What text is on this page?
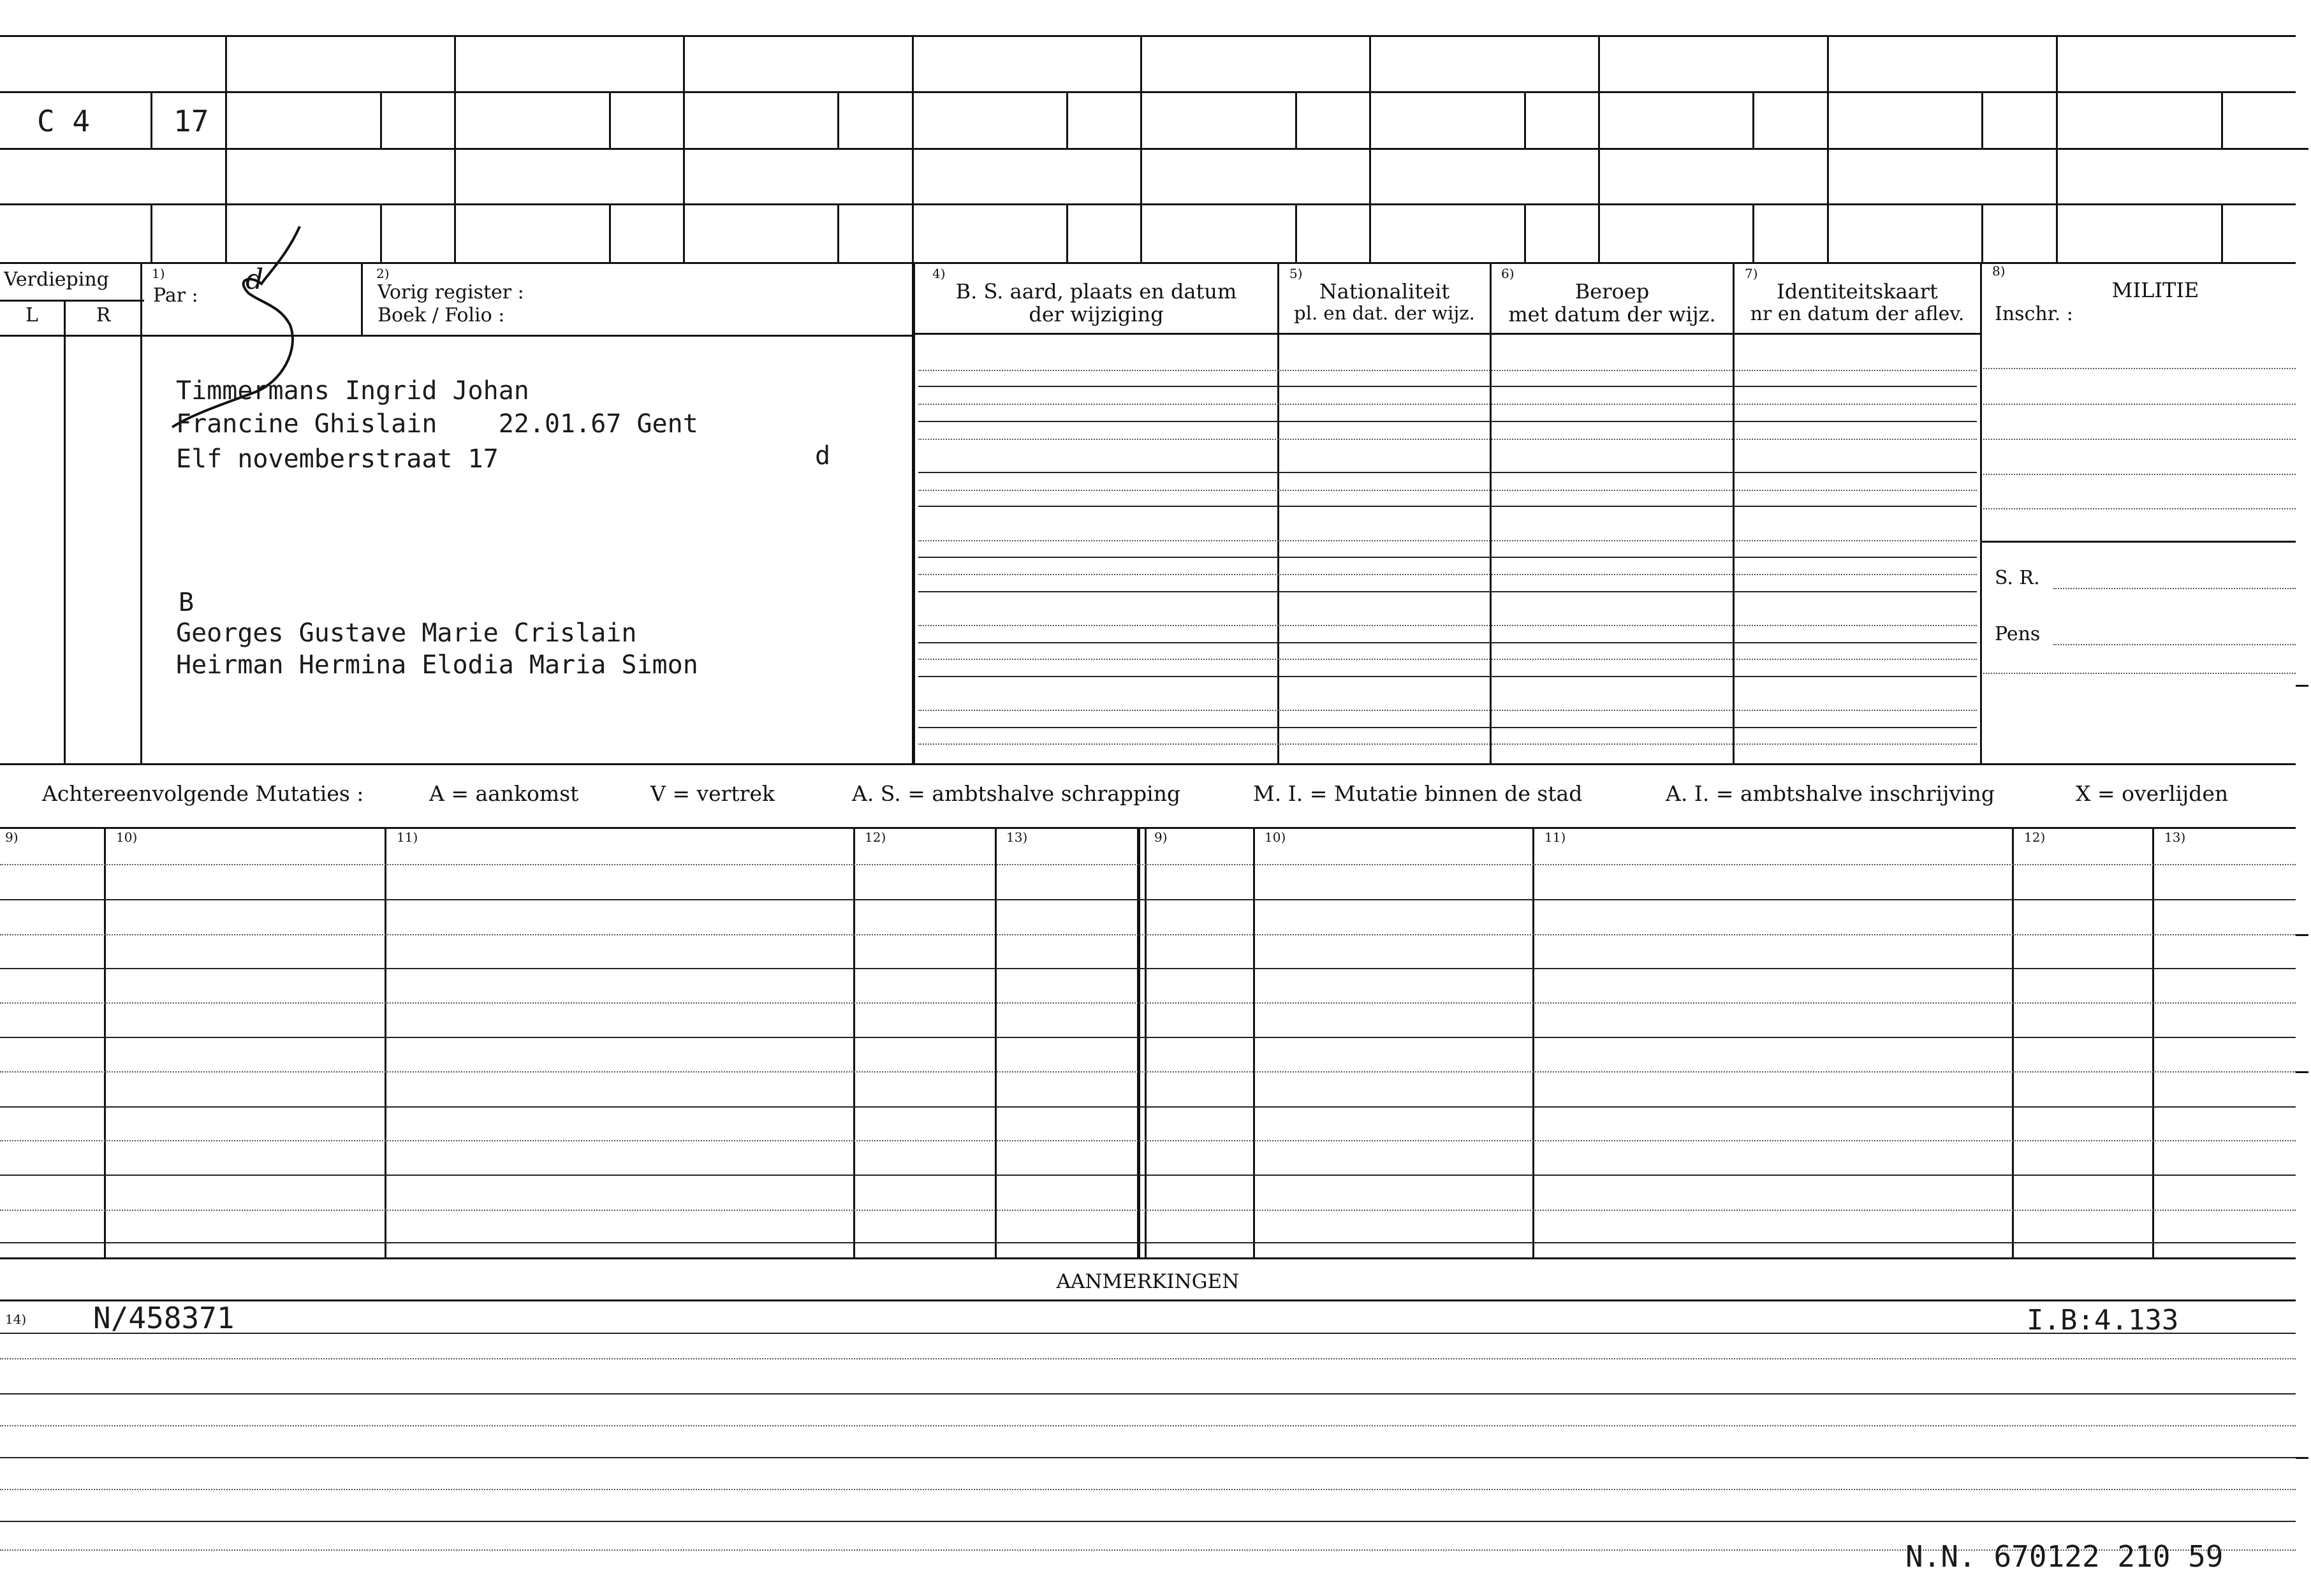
C 4	17
Verdieping
L	R
1)
Par : d	2)
Vorig register :
Boek / Folio :
4)
B. S. aard, plaats en datum
der wijziging
5)
Nationaliteit
pl. en dat. der wijz.
6)
Beroep
met datum der wijz.
7)
Identiteitskaart
nr en datum der aflev.
8)
MILITIE
Inschr. :
S. R.
Pens
Timmermans Ingrid Johan
Francine Ghislain    22.01.67 Gent
Elf novemberstraat 17	d
B
Georges Gustave Marie Crislain
Heirman Hermina Elodia Maria Simon
Achtereenvolgende Mutaties :	A = aankomst	V = vertrek	A. S. = ambtshalve schrapping	M. I. = Mutatie binnen de stad	A. I. = ambtshalve inschrijving	X = overlijden
9)	10)	11)	12)	13)	9)	10)	11)	12)	13)
AANMERKINGEN
14) N/458371	I.B:4.133
N.N. 670122 210 59
